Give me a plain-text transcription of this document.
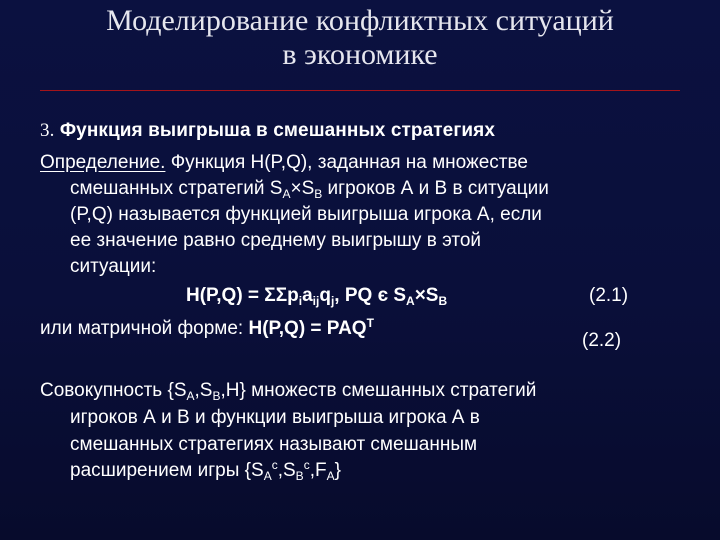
Моделирование конфликтных ситуаций
в экономике
3. Функция выигрыша в смешанных стратегиях
Определение. Функция H(P,Q), заданная на множестве
смешанных стратегий $S_A\times S_B$ игроков А и В в ситуации
(P,Q) называется функцией выигрыша игрока А, если
ее значение равно среднему выигрышу в этой
ситуации:
$H(P,Q) = \Sigma\Sigma p_ia_{ij}q_j$, PQ є $S_A\times S_B$	(2.1)
или матричной форме: $H(P,Q) = PAQ^T$
(2.2)
Совокупность $\{S_A,S_B,H\}$ множеств смешанных стратегий
игроков А и В и функции выигрыша игрока А в
смешанных стратегиях называют смешанным
расширением игры $\{S_A^c,S_B^c,F_A\}$
